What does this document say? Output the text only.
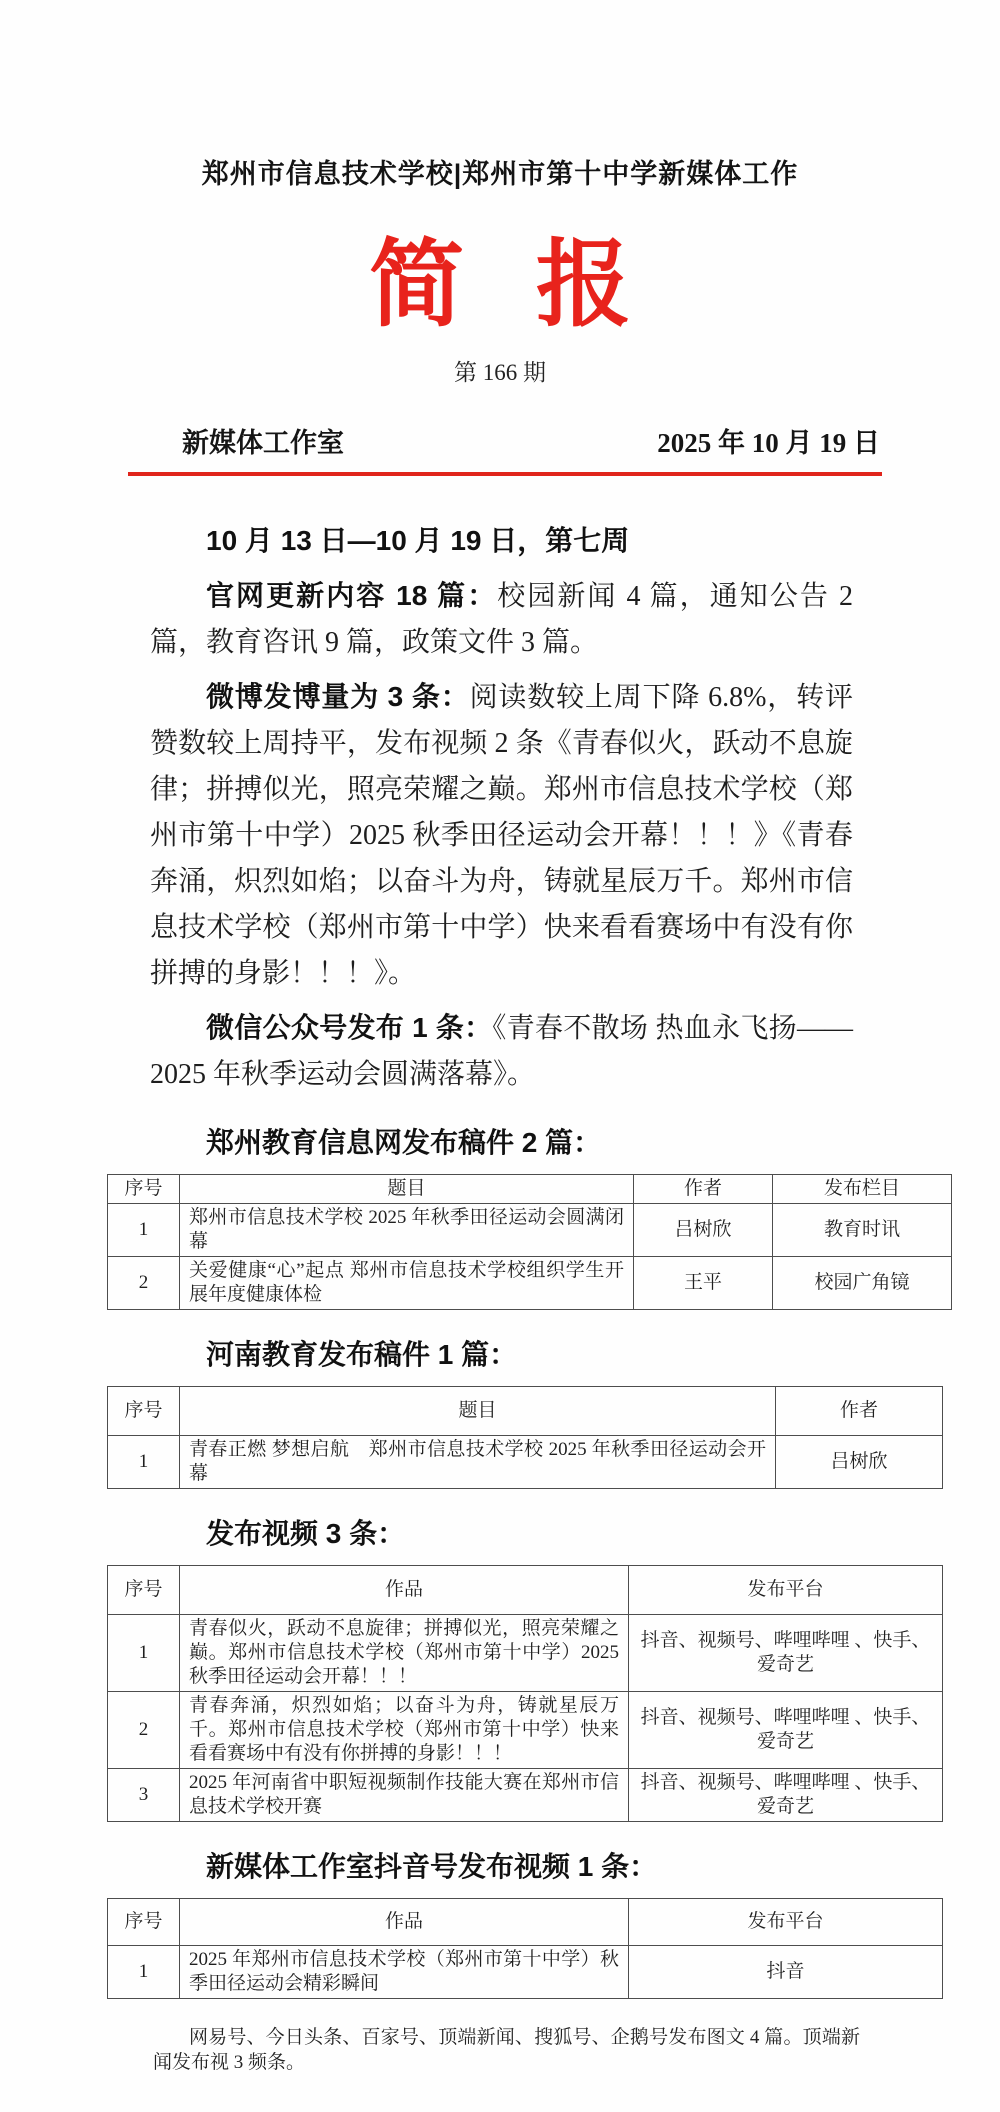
郑州市信息技术学校|郑州市第十中学新媒体工作
简 报
第 166 期
新媒体工作室	2025 年 10 月 19 日

10 月 13 日—10 月 19 日，第七周

官网更新内容 18 篇：校园新闻 4 篇，通知公告 2 篇，教育咨讯 9 篇，政策文件 3 篇。

微博发博量为 3 条：阅读数较上周下降 6.8%，转评赞数较上周持平，发布视频 2 条《青春似火，跃动不息旋律；拼搏似光，照亮荣耀之巅。郑州市信息技术学校（郑州市第十中学）2025 秋季田径运动会开幕！！！》《青春奔涌，炽烈如焰；以奋斗为舟，铸就星辰万千。郑州市信息技术学校（郑州市第十中学）快来看看赛场中有没有你拼搏的身影！！！》。

微信公众号发布 1 条：《青春不散场 热血永飞扬——2025 年秋季运动会圆满落幕》。

郑州教育信息网发布稿件 2 篇：
序号	题目	作者	发布栏目
1	郑州市信息技术学校 2025 年秋季田径运动会圆满闭幕	吕树欣	教育时讯
2	关爱健康“心”起点 郑州市信息技术学校组织学生开展年度健康体检	王平	校园广角镜
河南教育发布稿件 1 篇：
序号	题目	作者
1	青春正燃 梦想启航　郑州市信息技术学校 2025 年秋季田径运动会开幕	吕树欣
发布视频 3 条：
序号	作品	发布平台
1	青春似火，跃动不息旋律；拼搏似光，照亮荣耀之巅。郑州市信息技术学校（郑州市第十中学）2025 秋季田径运动会开幕！！！	抖音、视频号、哔哩哔哩 、快手、爱奇艺
2	青春奔涌，炽烈如焰；以奋斗为舟，铸就星辰万千。郑州市信息技术学校（郑州市第十中学）快来看看赛场中有没有你拼搏的身影！！！	抖音、视频号、哔哩哔哩 、快手、爱奇艺
3	2025 年河南省中职短视频制作技能大赛在郑州市信息技术学校开赛	抖音、视频号、哔哩哔哩 、快手、爱奇艺
新媒体工作室抖音号发布视频 1 条：
序号	作品	发布平台
1	2025 年郑州市信息技术学校（郑州市第十中学）秋季田径运动会精彩瞬间	抖音

网易号、今日头条、百家号、顶端新闻、搜狐号、企鹅号发布图文 4 篇。顶端新闻发布视 3 频条。
